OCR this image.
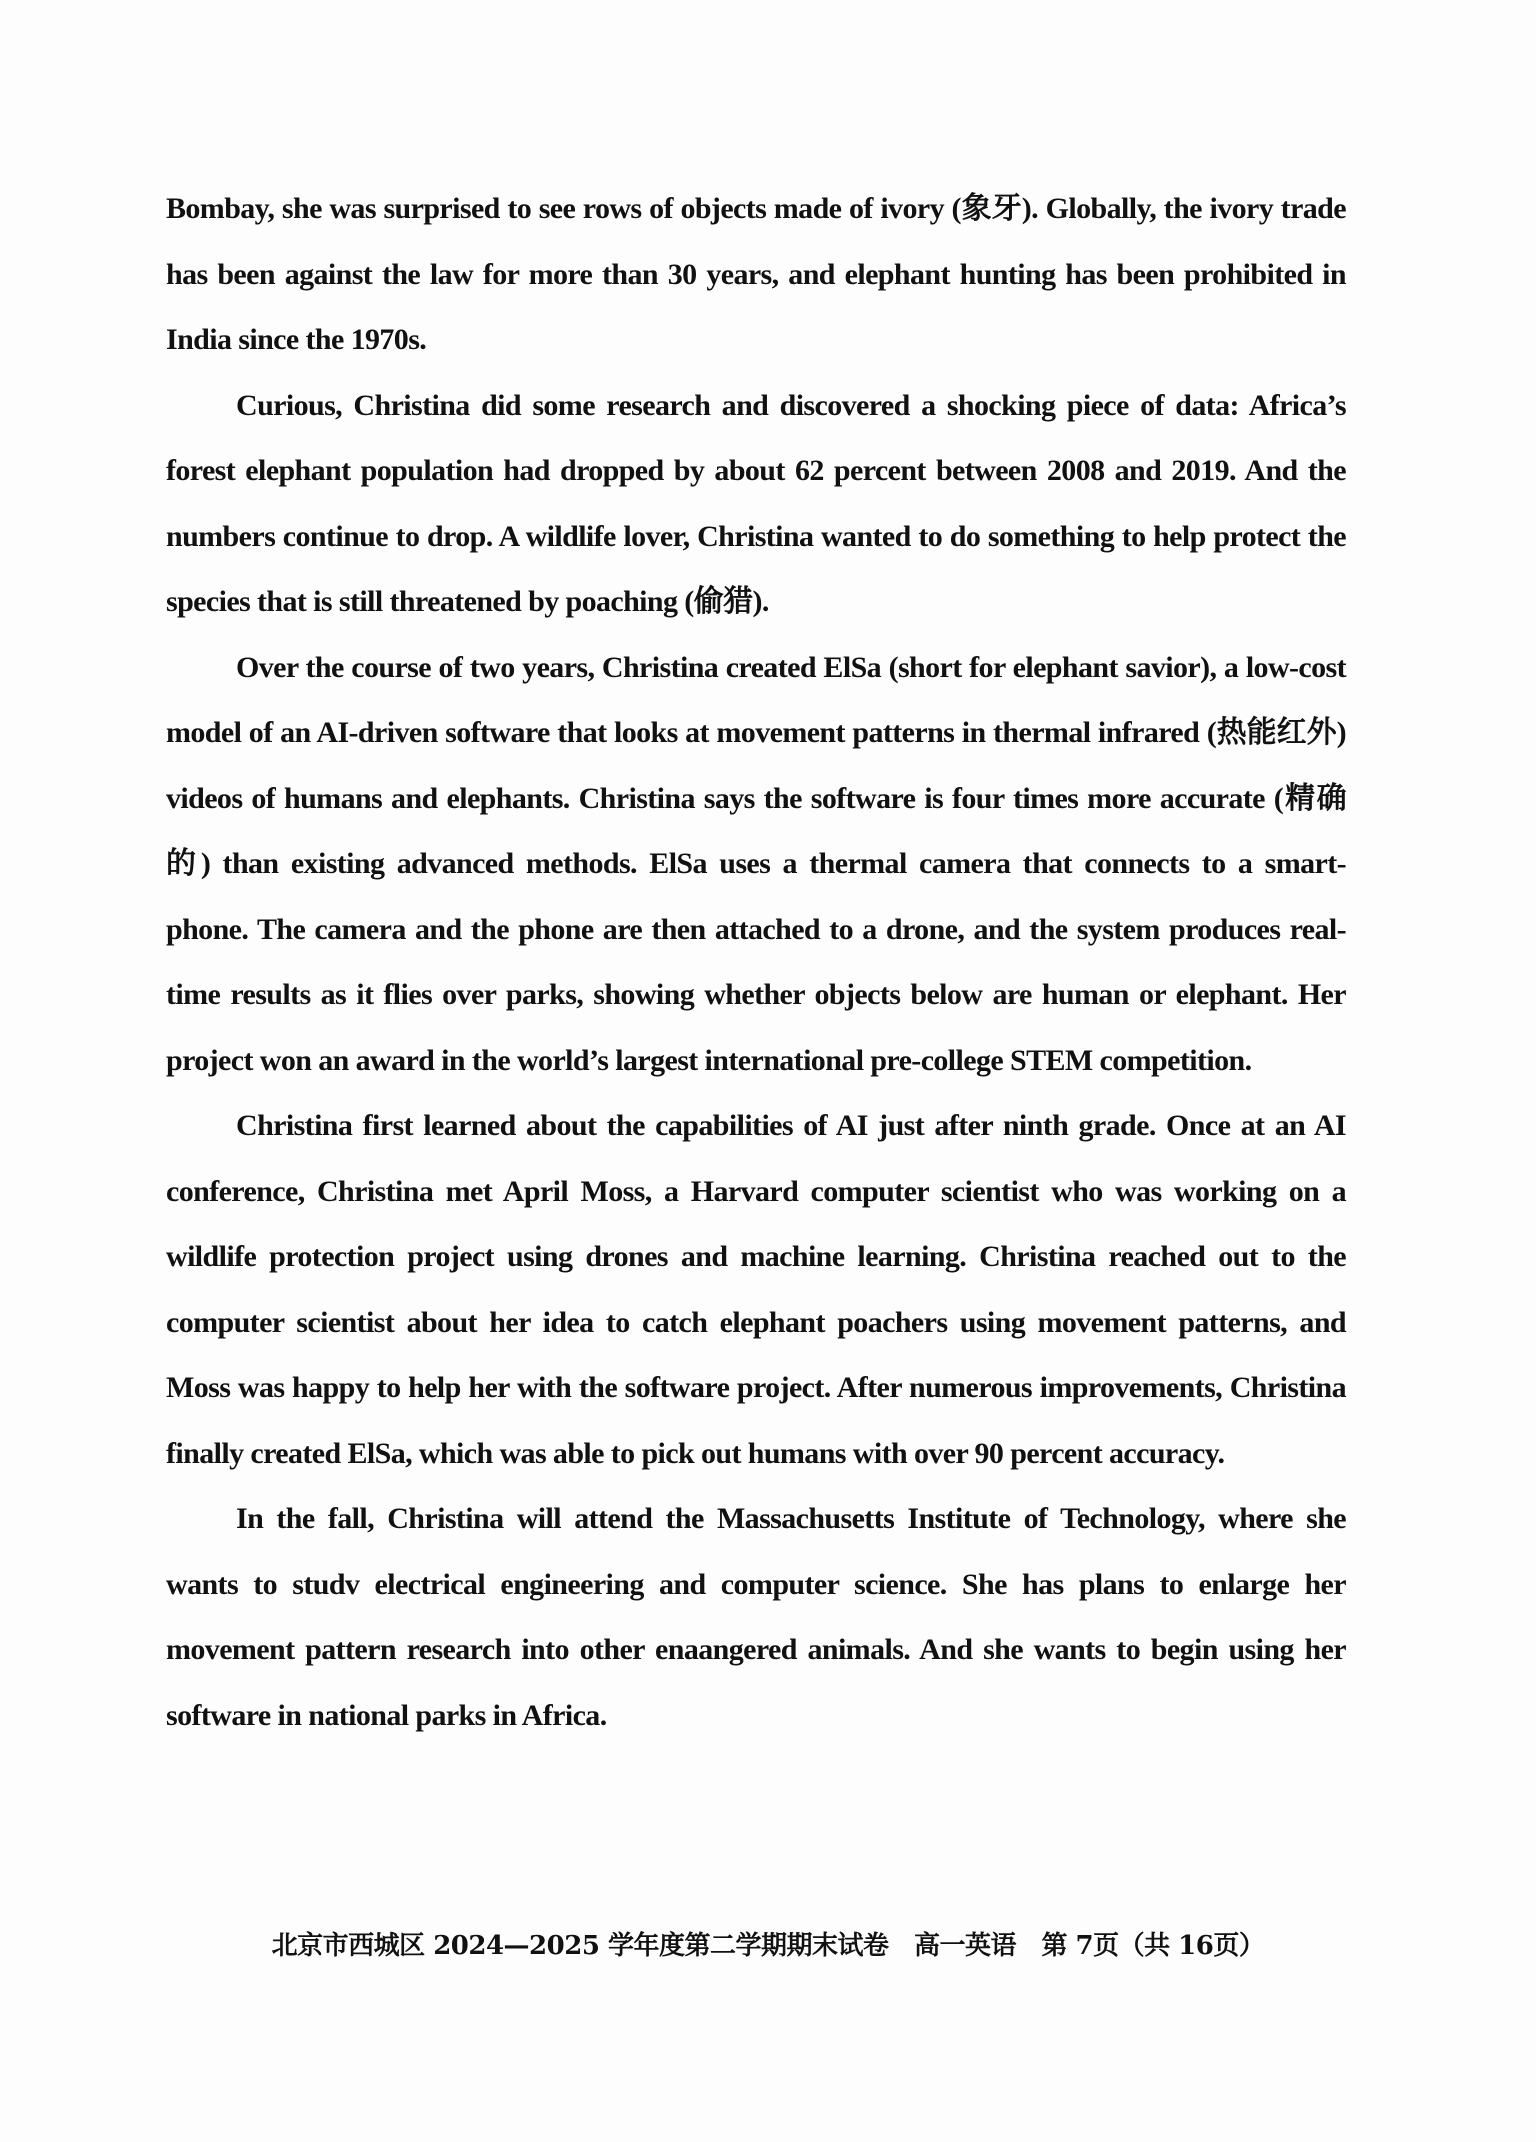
Bombay, she was surprised to see rows of objects made of ivory (象牙). Globally, the ivory trade has been against the law for more than 30 years, and elephant hunting has been prohibited in India since the 1970s.

Curious, Christina did some research and discovered a shocking piece of data: Africa’s forest elephant population had dropped by about 62 percent between 2008 and 2019. And the numbers continue to drop. A wildlife lover, Christina wanted to do something to help protect the species that is still threatened by poaching (偷猎).

Over the course of two years, Christina created ElSa (short for elephant savior), a low-cost model of an AI-driven software that looks at movement patterns in thermal infrared (热能红外) videos of humans and elephants. Christina says the software is four times more accurate (精确的) than existing advanced methods. ElSa uses a thermal camera that connects to a smart-phone. The camera and the phone are then attached to a drone, and the system produces real-time results as it flies over parks, showing whether objects below are human or elephant. Her project won an award in the world’s largest international pre-college STEM competition.

Christina first learned about the capabilities of AI just after ninth grade. Once at an AI conference, Christina met April Moss, a Harvard computer scientist who was working on a wildlife protection project using drones and machine learning. Christina reached out to the computer scientist about her idea to catch elephant poachers using movement patterns, and Moss was happy to help her with the software project. After numerous improvements, Christina finally created ElSa, which was able to pick out humans with over 90 percent accuracy.

In the fall, Christina will attend the Massachusetts Institute of Technology, where she wants to studv electrical engineering and computer science. She has plans to enlarge her movement pattern research into other enaangered animals. And she wants to begin using her software in national parks in Africa.

北京市西城区 2024—2025 学年度第二学期期末试卷　高一英语　第 7页（共 16页）
